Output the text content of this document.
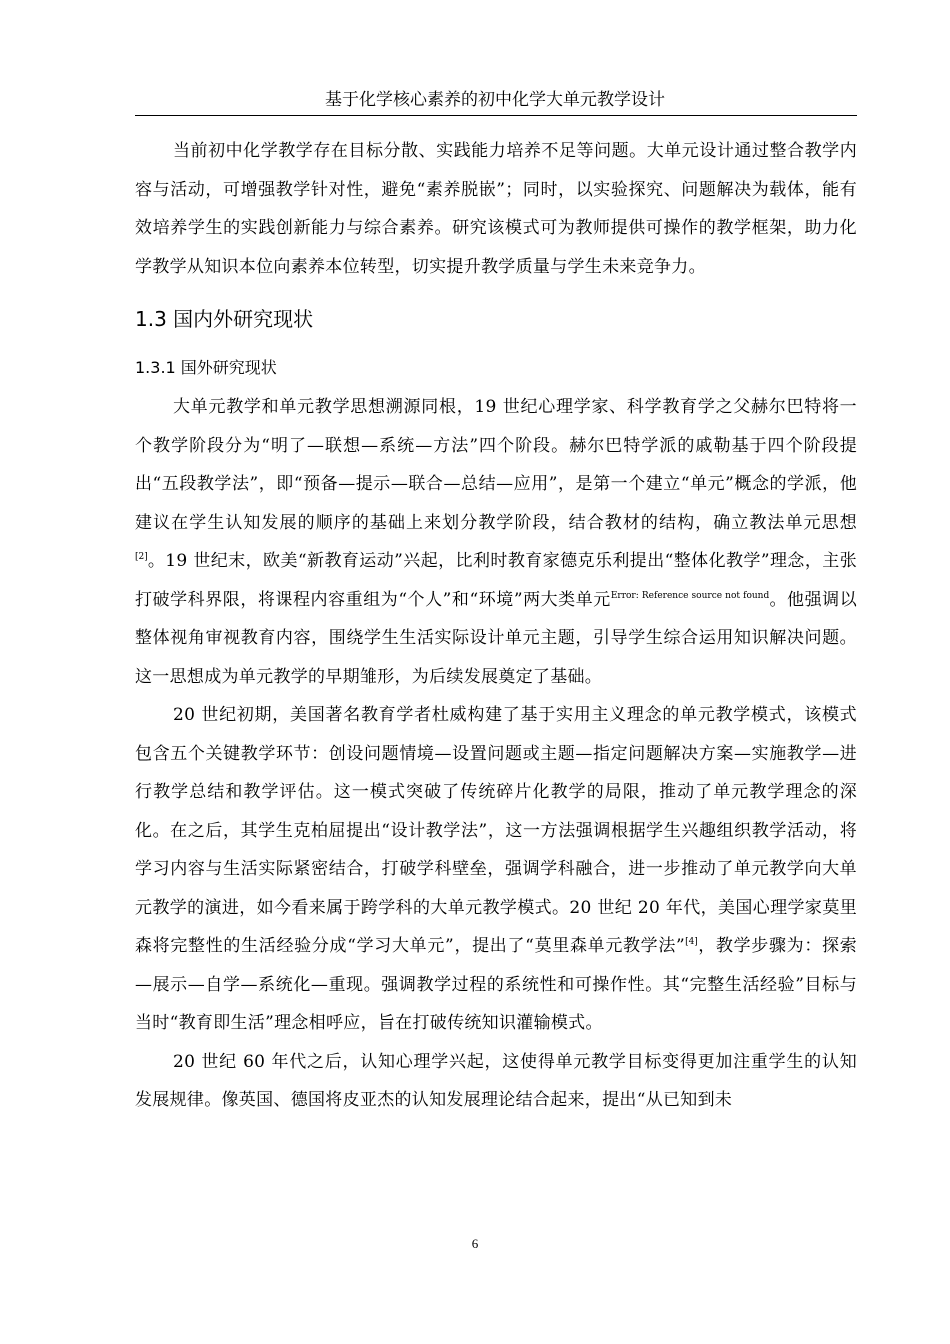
基于化学核心素养的初中化学大单元教学设计

当前初中化学教学存在目标分散、实践能力培养不足等问题。大单元设计通过整合教学内容与活动，可增强教学针对性，避免“素养脱嵌”；同时，以实验探究、问题解决为载体，能有效培养学生的实践创新能力与综合素养。研究该模式可为教师提供可操作的教学框架，助力化学教学从知识本位向素养本位转型，切实提升教学质量与学生未来竞争力。

1.3 国内外研究现状
1.3.1 国外研究现状

大单元教学和单元教学思想溯源同根，19 世纪心理学家、科学教育学之父赫尔巴特将一个教学阶段分为“明了—联想—系统—方法”四个阶段。赫尔巴特学派的戚勒基于四个阶段提出“五段教学法”，即“预备—提示—联合—总结—应用”，是第一个建立“单元”概念的学派，他建议在学生认知发展的顺序的基础上来划分教学阶段，结合教材的结构，确立教法单元思想[2]。19 世纪末，欧美“新教育运动”兴起，比利时教育家德克乐利提出“整体化教学”理念，主张打破学科界限，将课程内容重组为“个人”和“环境”两大类单元$^{Error: Reference source not found}$。他强调以整体视角审视教育内容，围绕学生生活实际设计单元主题，引导学生综合运用知识解决问题。这一思想成为单元教学的早期雏形，为后续发展奠定了基础。

20 世纪初期，美国著名教育学者杜威构建了基于实用主义理念的单元教学模式，该模式包含五个关键教学环节：创设问题情境—设置问题或主题—指定问题解决方案—实施教学—进行教学总结和教学评估。这一模式突破了传统碎片化教学的局限，推动了单元教学理念的深化。在之后，其学生克柏屈提出“设计教学法”，这一方法强调根据学生兴趣组织教学活动，将学习内容与生活实际紧密结合，打破学科壁垒，强调学科融合，进一步推动了单元教学向大单元教学的演进，如今看来属于跨学科的大单元教学模式。20 世纪 20 年代，美国心理学家莫里森将完整性的生活经验分成“学习大单元”，提出了“莫里森单元教学法”[4]，教学步骤为：探索—展示—自学—系统化—重现。强调教学过程的系统性和可操作性。其“完整生活经验”目标与当时“教育即生活”理念相呼应，旨在打破传统知识灌输模式。

20 世纪 60 年代之后，认知心理学兴起，这使得单元教学目标变得更加注重学生的认知发展规律。像英国、德国将皮亚杰的认知发展理论结合起来，提出“从已知到未

6
